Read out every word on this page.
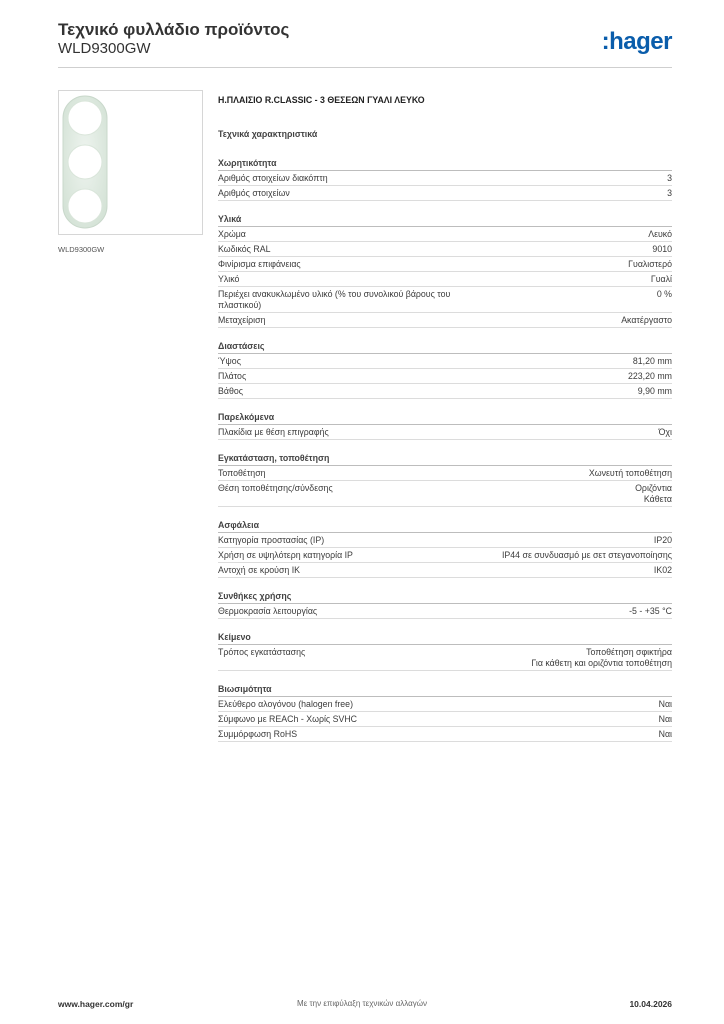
Τεχνικό φυλλάδιο προϊόντος
WLD9300GW	:hager
WLD9300GW
Η.ΠΛΑΙΣΙΟ R.CLASSIC - 3 ΘΕΣΕΩΝ ΓΥΑΛΙ ΛΕΥΚΟ
Τεχνικά χαρακτηριστικά
Χωρητικότητα
Αριθμός στοιχείων διακόπτη	3
Αριθμός στοιχείων	3
Υλικά
Χρώμα	Λευκό
Κωδικός RAL	9010
Φινίρισμα επιφάνειας	Γυαλιστερό
Υλικό	Γυαλί
Περιέχει ανακυκλωμένο υλικό (% του συνολικού βάρους του πλαστικού)
0 %
Μεταχείριση	Ακατέργαστο
Διαστάσεις
Ύψος	81,20 mm
Πλάτος	223,20 mm
Βάθος	9,90 mm
Παρελκόμενα
Πλακίδια με θέση επιγραφής	Όχι
Εγκατάσταση, τοποθέτηση
Τοποθέτηση	Χωνευτή τοποθέτηση
Θέση τοποθέτησης/σύνδεσης	Οριζόντια
Κάθετα
Ασφάλεια
Κατηγορία προστασίας (IP)	IP20
Χρήση σε υψηλότερη κατηγορία IP	IP44 σε συνδυασμό με σετ στεγανοποίησης
Αντοχή σε κρούση IK	IK02
Συνθήκες χρήσης
Θερμοκρασία λειτουργίας	-5 - +35 °C
Κείμενο
Τρόπος εγκατάστασης	Τοποθέτηση σφικτήρα
Για κάθετη και οριζόντια τοποθέτηση
Βιωσιμότητα
Ελεύθερο αλογόνου (halogen free)	Ναι
Σύμφωνο με REACh - Χωρίς SVHC	Ναι
Συμμόρφωση RoHS	Ναι
www.hager.com/gr	Με την επιφύλαξη τεχνικών αλλαγών	10.04.2026
